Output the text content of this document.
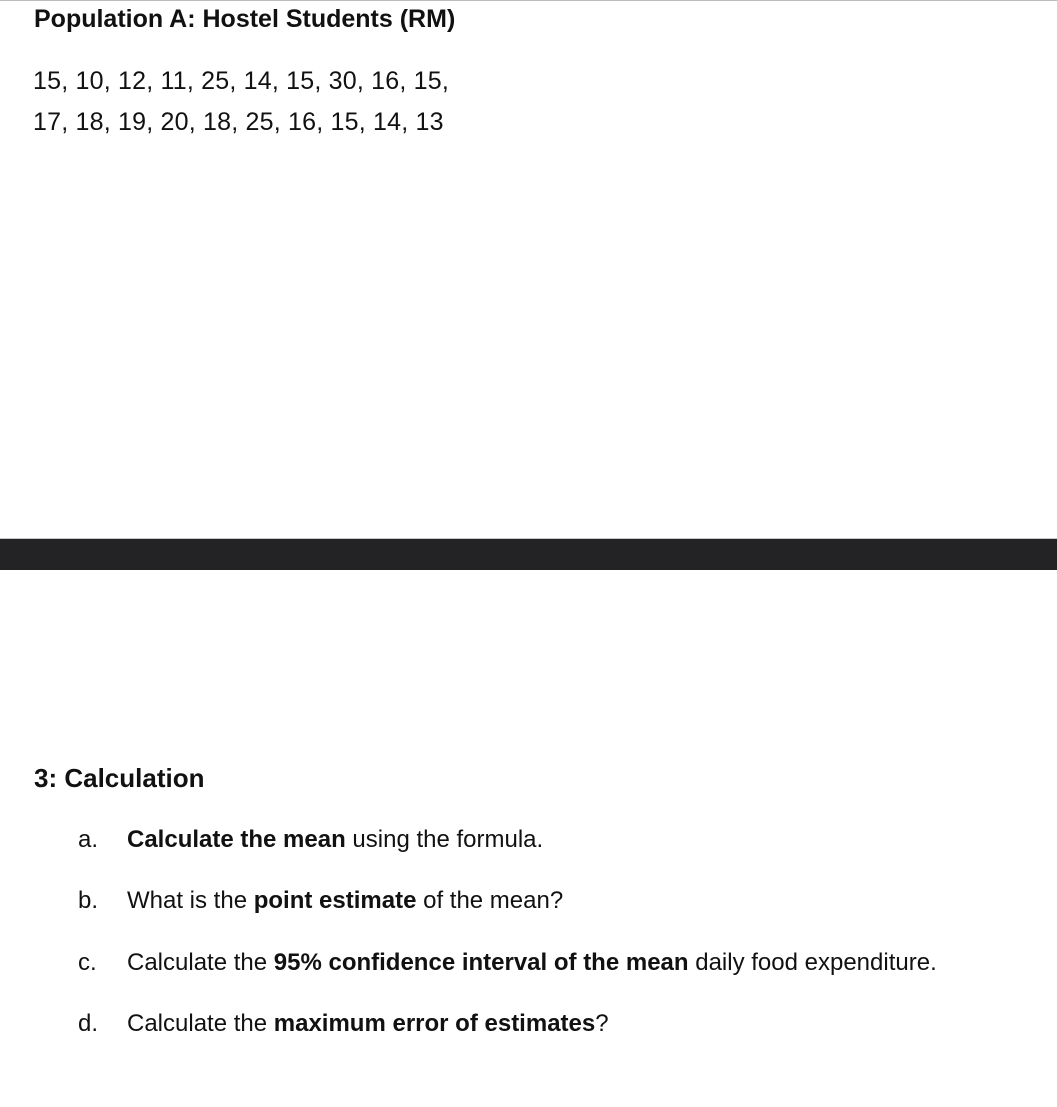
Population A: Hostel Students (RM)
15, 10, 12, 11, 25, 14, 15, 30, 16, 15,
17, 18, 19, 20, 18, 25, 16, 15, 14, 13
3: Calculation
a. Calculate the mean using the formula.
b. What is the point estimate of the mean?
c. Calculate the 95% confidence interval of the mean daily food expenditure.
d. Calculate the maximum error of estimates?
